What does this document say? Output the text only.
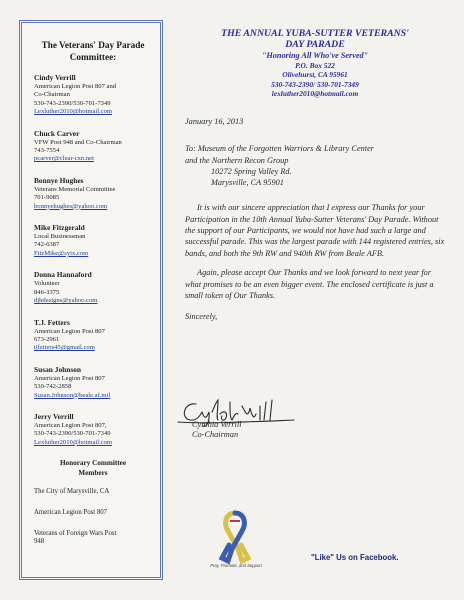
The Veterans' Day Parade
Committee:
Cindy Verrill
American Legion Post 807 and
Co-Chairman
530-743-2390/530-701-7349
Lexluther2010@hotmail.com
Chuck Carver
VFW Post 948 and Co-Chairman
743-7554
pcarver@clear-cxn.net
Bonnye Hughes
Veterans Memorial Committee
701-9085
bonnyehughes@yahoo.com
Mike Fitzgerald
Local Businessman
742-6387
FitzMike@syix.com
Donna Hannaford
Volunteer
846-3375
djhdesigns@yahoo.com
T.J. Fetters
American Legion Post 807
673-2961
tjfetters45@gmail.com
Susan Johnson
American Legion Post 807
530-742-2858
Susan.Johnson@beale.af.mil
Jerry Verrill
American Legion Post 807,
530-743-2390/530-701-7349
Lexluther2010@hotmail.com
Honorary Committee
Members
The City of Marysville, CA
American Legion Post 807
Veterans of Foreign Wars Post
948
THE ANNUAL YUBA-SUTTER VETERANS'
DAY PARADE
"Honoring All Who've Served"
P.O. Box 522
Olivehurst, CA 95961
530-743-2390/ 530-701-7349
lexluther2010@hotmail.com
January 16, 2013
To: Museum of the Forgotten Warriors & Library Center
and the Northern Recon Group
10272 Spring Valley Rd.
Marysville, CA 95901

It is with our sincere appreciation that I express our Thanks for your Participation in the 10th Annual Yuba-Sutter Veterans' Day Parade. Without the support of our Participants, we would not have had such a large and successful parade. This was the largest parade with 144 registered entries, six bands, and both the 9th RW and 940th RW from Beale AFB.

Again, please accept Our Thanks and we look forward to next year for what promises to be an even bigger event. The enclosed certificate is just a small token of Our Thanks.

Sincerely,
Cynthia Verrill
Co-Chairman
Pray, Promote, and Support
"Like" Us on Facebook.
